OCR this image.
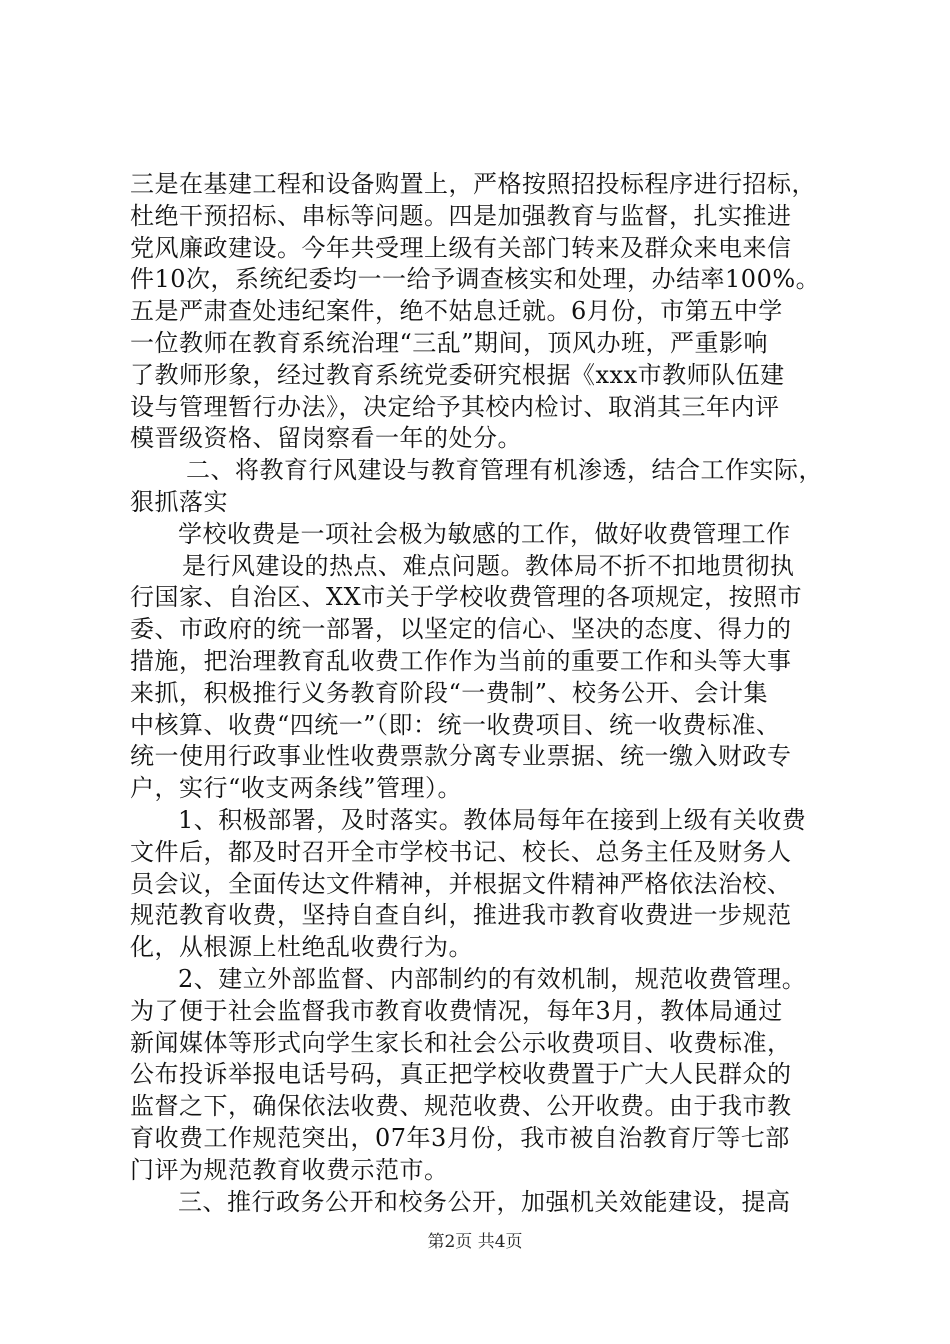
三是在基建工程和设备购置上，严格按照招投标程序进行招标，
杜绝干预招标、串标等问题。四是加强教育与监督，扎实推进
党风廉政建设。今年共受理上级有关部门转来及群众来电来信
件10次，系统纪委均一一给予调查核实和处理，办结率100%。
五是严肃查处违纪案件，绝不姑息迁就。6月份，市第五中学
一位教师在教育系统治理“三乱”期间，顶风办班，严重影响
了教师形象，经过教育系统党委研究根据《xxx市教师队伍建
设与管理暂行办法》，决定给予其校内检讨、取消其三年内评
模晋级资格、留岗察看一年的处分。
二、将教育行风建设与教育管理有机渗透，结合工作实际，
狠抓落实
学校收费是一项社会极为敏感的工作，做好收费管理工作
是行风建设的热点、难点问题。教体局不折不扣地贯彻执
行国家、自治区、XX市关于学校收费管理的各项规定，按照市
委、市政府的统一部署，以坚定的信心、坚决的态度、得力的
措施，把治理教育乱收费工作作为当前的重要工作和头等大事
来抓，积极推行义务教育阶段“一费制”、校务公开、会计集
中核算、收费“四统一”（即：统一收费项目、统一收费标准、
统一使用行政事业性收费票款分离专业票据、统一缴入财政专
户，实行“收支两条线”管理）。
1、积极部署，及时落实。教体局每年在接到上级有关收费
文件后，都及时召开全市学校书记、校长、总务主任及财务人
员会议，全面传达文件精神，并根据文件精神严格依法治校、
规范教育收费，坚持自查自纠，推进我市教育收费进一步规范
化，从根源上杜绝乱收费行为。
2、建立外部监督、内部制约的有效机制，规范收费管理。
为了便于社会监督我市教育收费情况，每年3月，教体局通过
新闻媒体等形式向学生家长和社会公示收费项目、收费标准，
公布投诉举报电话号码，真正把学校收费置于广大人民群众的
监督之下，确保依法收费、规范收费、公开收费。由于我市教
育收费工作规范突出，07年3月份，我市被自治教育厅等七部
门评为规范教育收费示范市。
三、推行政务公开和校务公开，加强机关效能建设，提高
第2页 共4页
